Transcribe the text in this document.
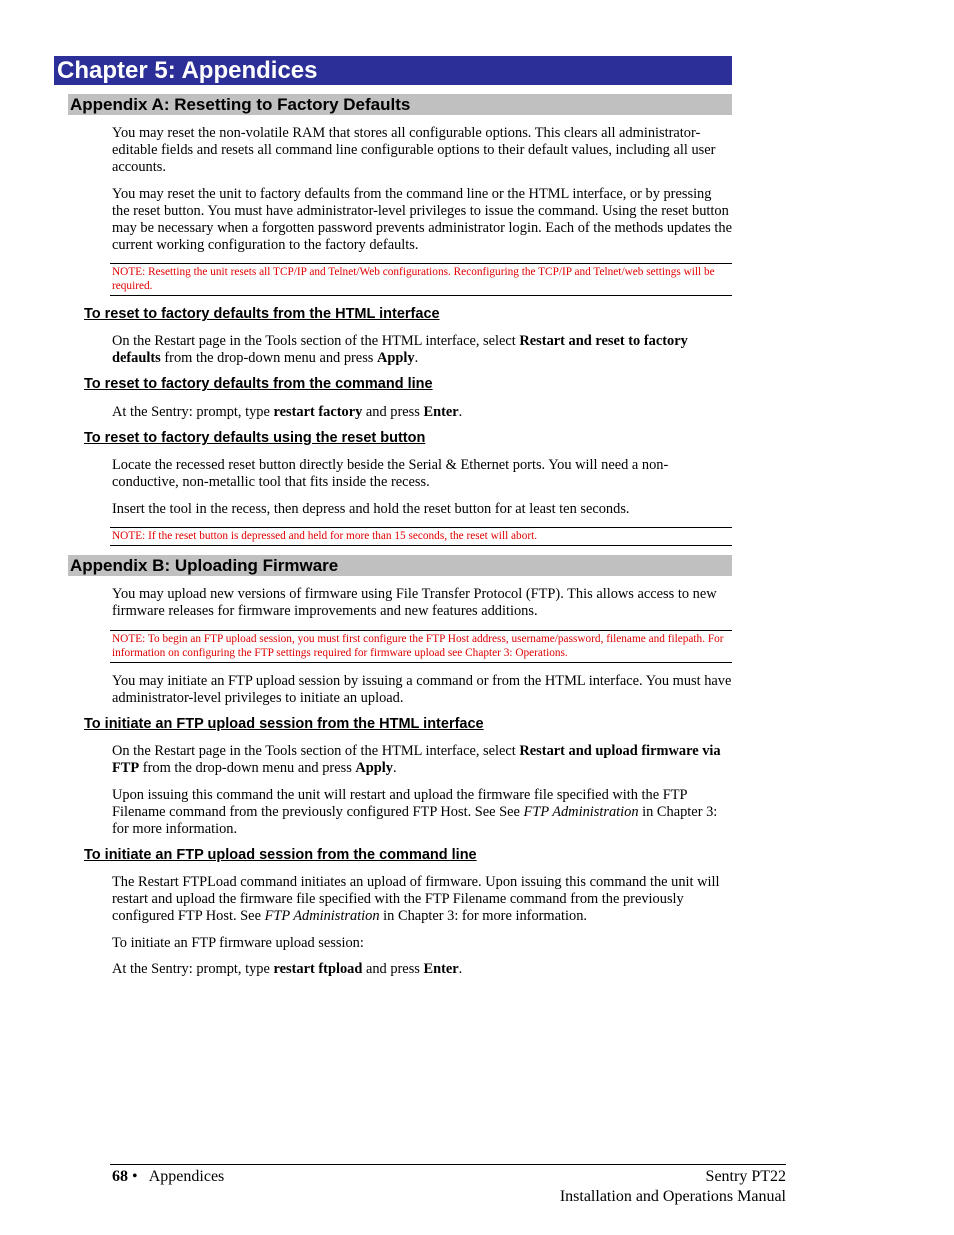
Chapter 5: Appendices
Appendix A: Resetting to Factory Defaults

You may reset the non-volatile RAM that stores all configurable options. This clears all administrator-editable fields and resets all command line configurable options to their default values, including all user accounts.

You may reset the unit to factory defaults from the command line or the HTML interface, or by pressing the reset button. You must have administrator-level privileges to issue the command. Using the reset button may be necessary when a forgotten password prevents administrator login. Each of the methods updates the current working configuration to the factory defaults.

NOTE: Resetting the unit resets all TCP/IP and Telnet/Web configurations. Reconfiguring the TCP/IP and Telnet/web settings will be required.
To reset to factory defaults from the HTML interface

On the Restart page in the Tools section of the HTML interface, select Restart and reset to factory defaults from the drop-down menu and press Apply.

To reset to factory defaults from the command line

At the Sentry: prompt, type restart factory and press Enter.

To reset to factory defaults using the reset button

Locate the recessed reset button directly beside the Serial & Ethernet ports. You will need a non-conductive, non-metallic tool that fits inside the recess.

Insert the tool in the recess, then depress and hold the reset button for at least ten seconds.

NOTE: If the reset button is depressed and held for more than 15 seconds, the reset will abort.
Appendix B: Uploading Firmware

You may upload new versions of firmware using File Transfer Protocol (FTP). This allows access to new firmware releases for firmware improvements and new features additions.

NOTE: To begin an FTP upload session, you must first configure the FTP Host address, username/password, filename and filepath. For information on configuring the FTP settings required for firmware upload see Chapter 3: Operations.

You may initiate an FTP upload session by issuing a command or from the HTML interface. You must have administrator-level privileges to initiate an upload.

To initiate an FTP upload session from the HTML interface

On the Restart page in the Tools section of the HTML interface, select Restart and upload firmware via FTP from the drop-down menu and press Apply.

Upon issuing this command the unit will restart and upload the firmware file specified with the FTP Filename command from the previously configured FTP Host. See See FTP Administration in Chapter 3: for more information.

To initiate an FTP upload session from the command line

The Restart FTPLoad command initiates an upload of firmware. Upon issuing this command the unit will restart and upload the firmware file specified with the FTP Filename command from the previously configured FTP Host. See FTP Administration in Chapter 3: for more information.

To initiate an FTP firmware upload session:

At the Sentry: prompt, type restart ftpload and press Enter.

68 • Appendices	Sentry PT22
Installation and Operations Manual
